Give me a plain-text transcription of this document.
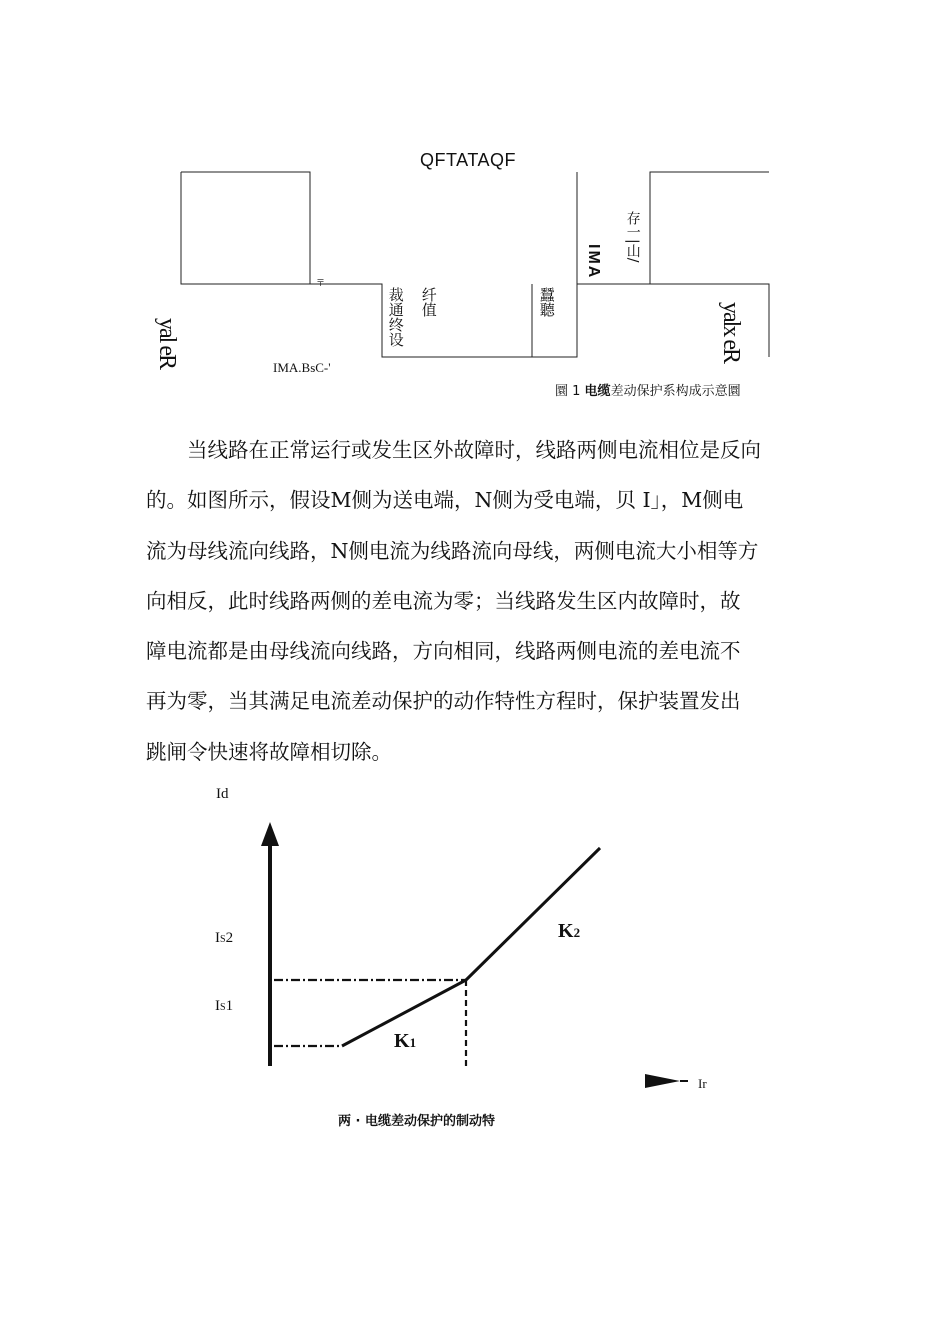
QFTATAQF
〒
yal eR	yalx eR
裁通终设 纤值	蠶聽
IMA 存一|山/
IMA.BsC-'
圜 1 电缆差动保护系构成示意圜
　　当线路在正常运行或发生区外故障时，线路两侧电流相位是反向
的。如图所示，假设M侧为送电端，N侧为受电端，贝 I」，M侧电
流为母线流向线路，N侧电流为线路流向母线，两侧电流大小相等方
向相反，此时线路两侧的差电流为零；当线路发生区内故障时，故
障电流都是由母线流向线路，方向相同，线路两侧电流的差电流不
再为零，当其满足电流差动保护的动作特性方程时，保护装置发出
跳闸令快速将故障相切除。
Id
IS2
IS1
K1
K2
Ir
两 · 电缆差动保护的制动特
